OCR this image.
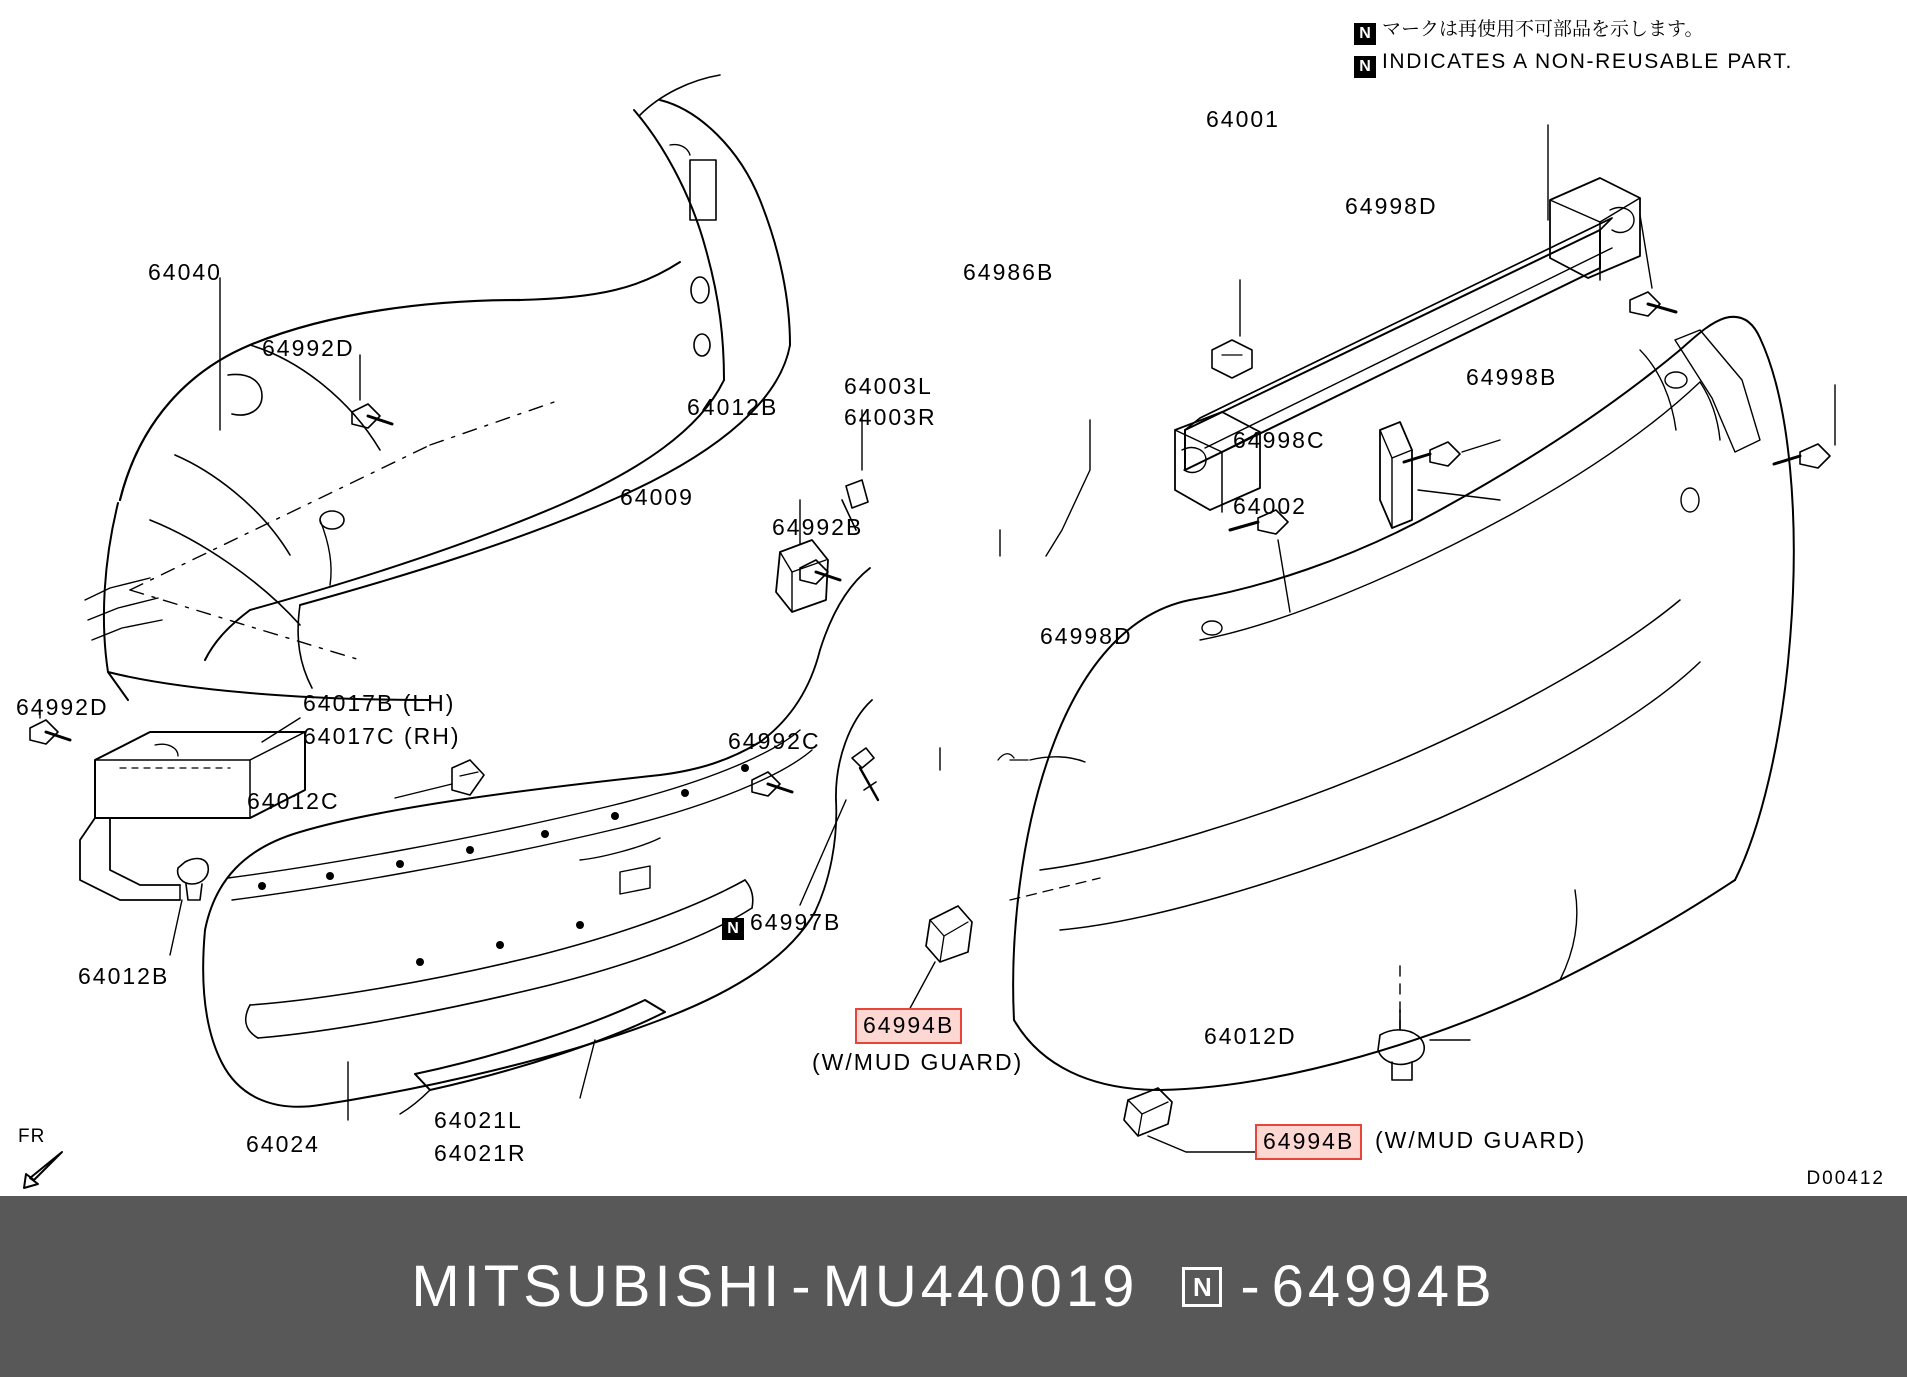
N マークは再使用不可部品を示します。
N INDICATES A NON-REUSABLE PART.
64040
64992D
64012B
64009
64992B
64003L
64003R
64986B
64001
64998D
64998B
64998C
64002
64998D
64992D	64017B (LH)
64017C (RH)
64012C
64012B
64992C
N 64997B
64024
64021L
64021R
64012D
64994B
(W/MUD GUARD)
64994B (W/MUD GUARD)
FR
D00412
MITSUBISHI - MU440019	N - 64994B
